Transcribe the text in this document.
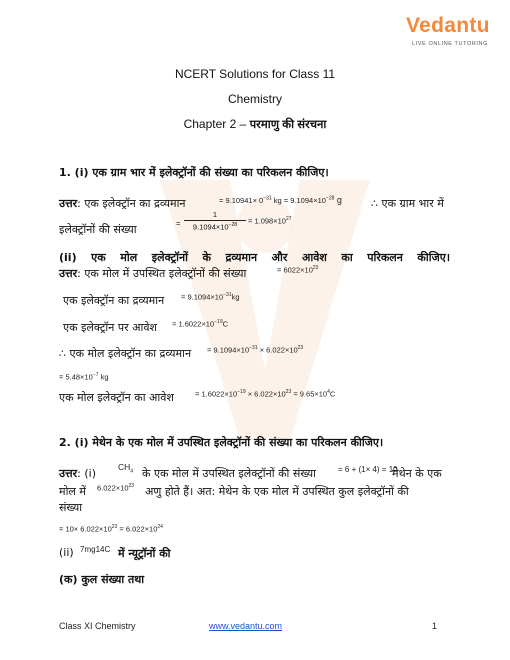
Vedantu
LIVE ONLINE TUTORING
NCERT Solutions for Class 11
Chemistry
Chapter 2 – परमाणु की संरचना
1. (i) एक ग्राम भार में इलेक्ट्रॉनों की संख्या का परिकलन कीजिए।
उत्तर: एक इलेक्ट्रॉन का द्रव्यमान	= $9.10941\times 0^{-31}$ kg = $9.1094\times 10^{-28}$ g	∴ एक ग्राम भार में
इलेक्ट्रॉनों की संख्या	=
1
$9.1094\times 10^{-28}$	= $1.098\times 10^{27}$
(ii) एक मोल इलेक्ट्रॉनों के द्रव्यमान और आवेश का परिकलन कीजिए।
उत्तर: एक मोल में उपस्थित इलेक्ट्रॉनों की संख्या	= $6022\times 10^{23}$
एक इलेक्ट्रॉन का द्रव्यमान = $9.1094\times 10^{-31}kg$
एक इलेक्ट्रॉन पर आवेश = $1.6022\times 10^{-19}C$
∴ एक मोल इलेक्ट्रॉन का द्रव्यमान = $9.1094\times 10^{-31} \times 6.022\times 10^{23}$
= $5.48\times 10^{-7}$ kg
एक मोल इलेक्ट्रॉन का आवेश	= $1.6022\times 10^{-19} \times 6.022\times 10^{23} = 9.65\times 10^4C$
2. (i) मेथेन के एक मोल में उपस्थित इलेक्ट्रॉनों की संख्या का परिकलन कीजिए।
उत्तर: (i)	$CH_4$ के एक मोल में उपस्थित इलेक्ट्रॉनों की संख्या	= 6 + (1× 4) = 10
मेथेन के एक
मोल में $6.022\times 10^{23}$ अणु होते हैं। अत: मेथेन के एक मोल में उपस्थित कुल इलेक्ट्रॉनों की
संख्या
= $10\times 6.022\times 10^{23} = 6.022\times 10^{24}$
(ii) 7mg14C में न्यूट्रॉनों की
(क) कुल संख्या तथा
Class XI Chemistry	www.vedantu.com	1
